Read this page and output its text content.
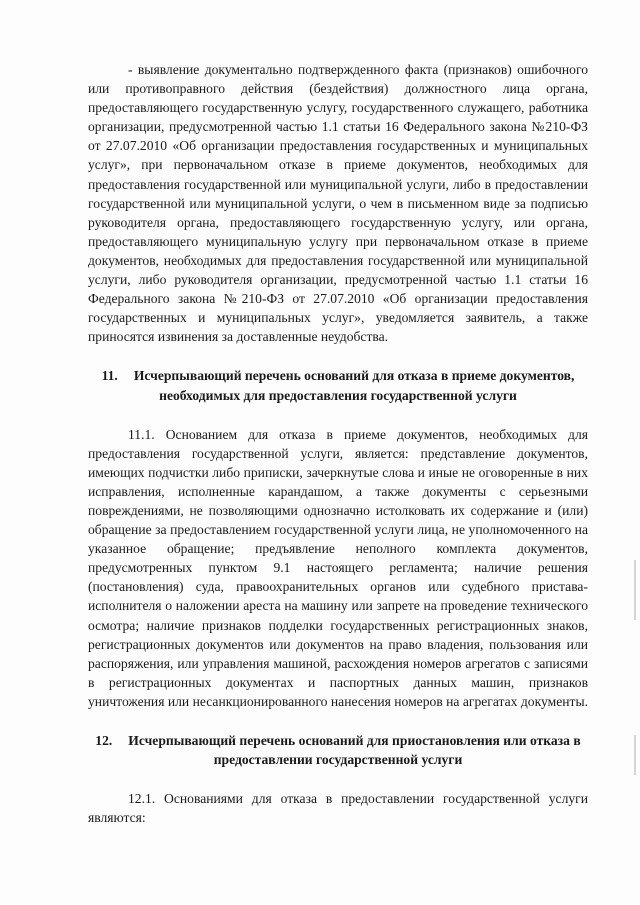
- выявление документально подтвержденного факта (признаков) ошибочного или противоправного действия (бездействия) должностного лица органа, предоставляющего государственную услугу, государственного служащего, работника организации, предусмотренной частью 1.1 статьи 16 Федерального закона №210-ФЗ от 27.07.2010 «Об организации предоставления государственных и муниципальных услуг», при первоначальном отказе в приеме документов, необходимых для предоставления государственной или муниципальной услуги, либо в предоставлении государственной или муниципальной услуги, о чем в письменном виде за подписью руководителя органа, предоставляющего государственную услугу, или органа, предоставляющего муниципальную услугу при первоначальном отказе в приеме документов, необходимых для предоставления государственной или муниципальной услуги, либо руководителя организации, предусмотренной частью 1.1 статьи 16 Федерального закона №210-ФЗ от 27.07.2010 «Об организации предоставления государственных и муниципальных услуг», уведомляется заявитель, а также приносятся извинения за доставленные неудобства.

11. Исчерпывающий перечень оснований для отказа в приеме документов, необходимых для предоставления государственной услуги

11.1. Основанием для отказа в приеме документов, необходимых для предоставления государственной услуги, является: представление документов, имеющих подчистки либо приписки, зачеркнутые слова и иные не оговоренные в них исправления, исполненные карандашом, а также документы с серьезными повреждениями, не позволяющими однозначно истолковать их содержание и (или) обращение за предоставлением государственной услуги лица, не уполномоченного на указанное обращение; предъявление неполного комплекта документов, предусмотренных пунктом 9.1 настоящего регламента; наличие решения (постановления) суда, правоохранительных органов или судебного пристава-исполнителя о наложении ареста на машину или запрете на проведение технического осмотра; наличие признаков подделки государственных регистрационных знаков, регистрационных документов или документов на право владения, пользования или распоряжения, или управления машиной, расхождения номеров агрегатов с записями в регистрационных документах и паспортных данных машин, признаков уничтожения или несанкционированного нанесения номеров на агрегатах документы.

12. Исчерпывающий перечень оснований для приостановления или отказа в предоставлении государственной услуги

12.1. Основаниями для отказа в предоставлении государственной услуги являются:
